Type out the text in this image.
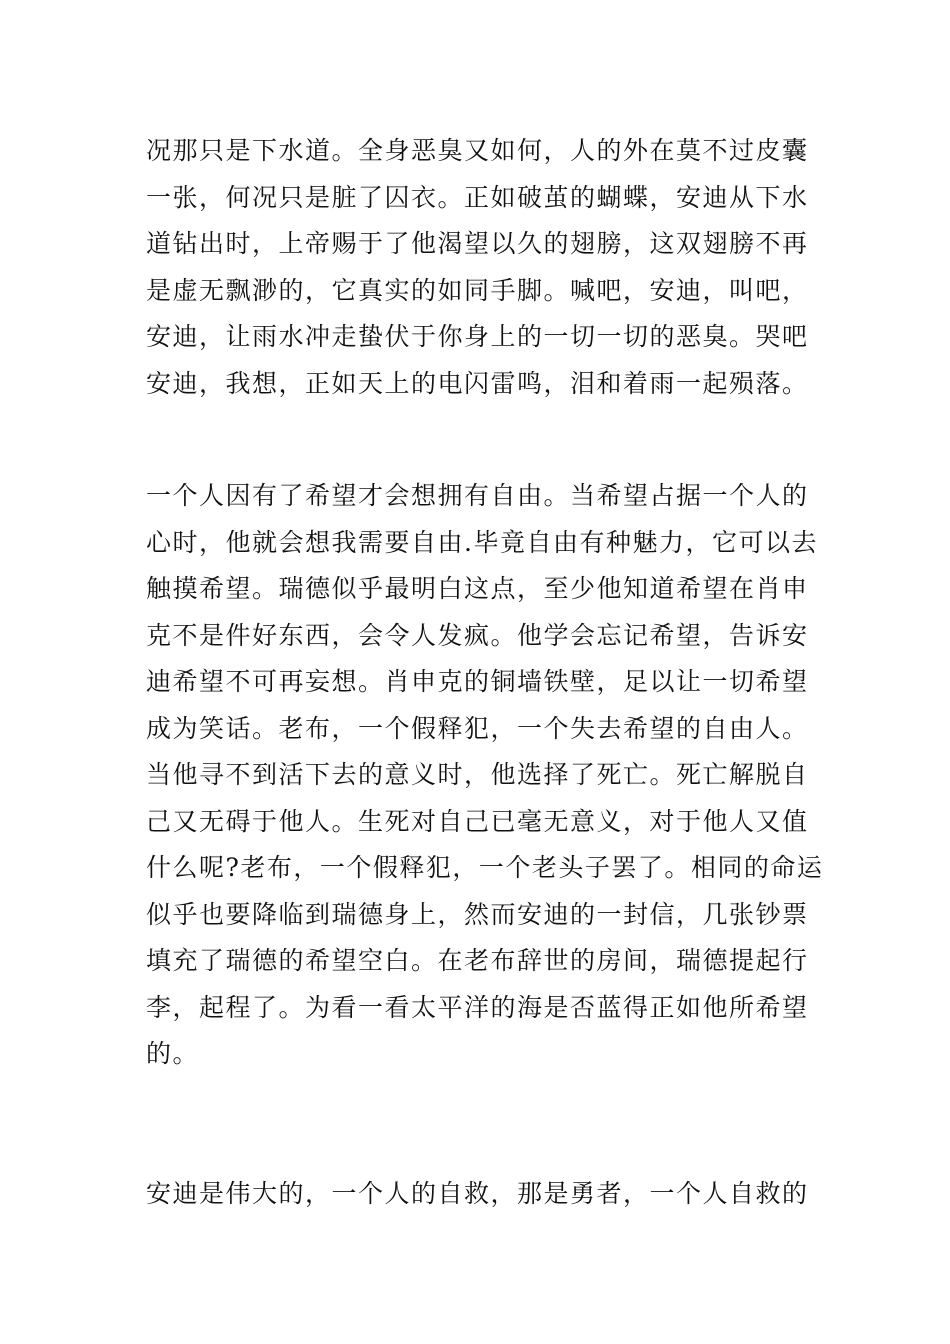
况那只是下水道。全身恶臭又如何，人的外在莫不过皮囊
一张，何况只是脏了囚衣。正如破茧的蝴蝶，安迪从下水
道钻出时，上帝赐于了他渴望以久的翅膀，这双翅膀不再
是虚无飘渺的，它真实的如同手脚。喊吧，安迪，叫吧，
安迪，让雨水冲走蛰伏于你身上的一切一切的恶臭。哭吧
安迪，我想，正如天上的电闪雷鸣，泪和着雨一起殒落。

一个人因有了希望才会想拥有自由。当希望占据一个人的
心时，他就会想我需要自由.毕竟自由有种魅力，它可以去
触摸希望。瑞德似乎最明白这点，至少他知道希望在肖申
克不是件好东西，会令人发疯。他学会忘记希望，告诉安
迪希望不可再妄想。肖申克的铜墙铁壁，足以让一切希望
成为笑话。老布，一个假释犯，一个失去希望的自由人。
当他寻不到活下去的意义时，他选择了死亡。死亡解脱自
己又无碍于他人。生死对自己已毫无意义，对于他人又值
什么呢?老布，一个假释犯，一个老头子罢了。相同的命运
似乎也要降临到瑞德身上，然而安迪的一封信，几张钞票
填充了瑞德的希望空白。在老布辞世的房间，瑞德提起行
李，起程了。为看一看太平洋的海是否蓝得正如他所希望
的。

安迪是伟大的，一个人的自救，那是勇者，一个人自救的
